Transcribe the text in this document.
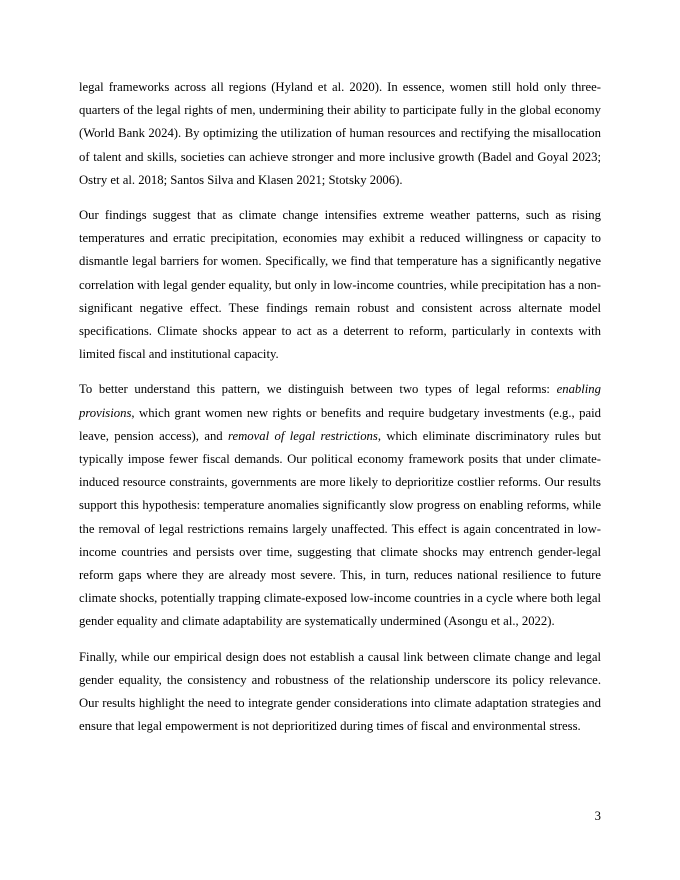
legal frameworks across all regions (Hyland et al. 2020). In essence, women still hold only three-quarters of the legal rights of men, undermining their ability to participate fully in the global economy (World Bank 2024). By optimizing the utilization of human resources and rectifying the misallocation of talent and skills, societies can achieve stronger and more inclusive growth (Badel and Goyal 2023; Ostry et al. 2018; Santos Silva and Klasen 2021; Stotsky 2006).

Our findings suggest that as climate change intensifies extreme weather patterns, such as rising temperatures and erratic precipitation, economies may exhibit a reduced willingness or capacity to dismantle legal barriers for women. Specifically, we find that temperature has a significantly negative correlation with legal gender equality, but only in low-income countries, while precipitation has a non-significant negative effect. These findings remain robust and consistent across alternate model specifications. Climate shocks appear to act as a deterrent to reform, particularly in contexts with limited fiscal and institutional capacity.

To better understand this pattern, we distinguish between two types of legal reforms: enabling provisions, which grant women new rights or benefits and require budgetary investments (e.g., paid leave, pension access), and removal of legal restrictions, which eliminate discriminatory rules but typically impose fewer fiscal demands. Our political economy framework posits that under climate-induced resource constraints, governments are more likely to deprioritize costlier reforms. Our results support this hypothesis: temperature anomalies significantly slow progress on enabling reforms, while the removal of legal restrictions remains largely unaffected. This effect is again concentrated in low-income countries and persists over time, suggesting that climate shocks may entrench gender-legal reform gaps where they are already most severe. This, in turn, reduces national resilience to future climate shocks, potentially trapping climate-exposed low-income countries in a cycle where both legal gender equality and climate adaptability are systematically undermined (Asongu et al., 2022).

Finally, while our empirical design does not establish a causal link between climate change and legal gender equality, the consistency and robustness of the relationship underscore its policy relevance. Our results highlight the need to integrate gender considerations into climate adaptation strategies and ensure that legal empowerment is not deprioritized during times of fiscal and environmental stress.

3
